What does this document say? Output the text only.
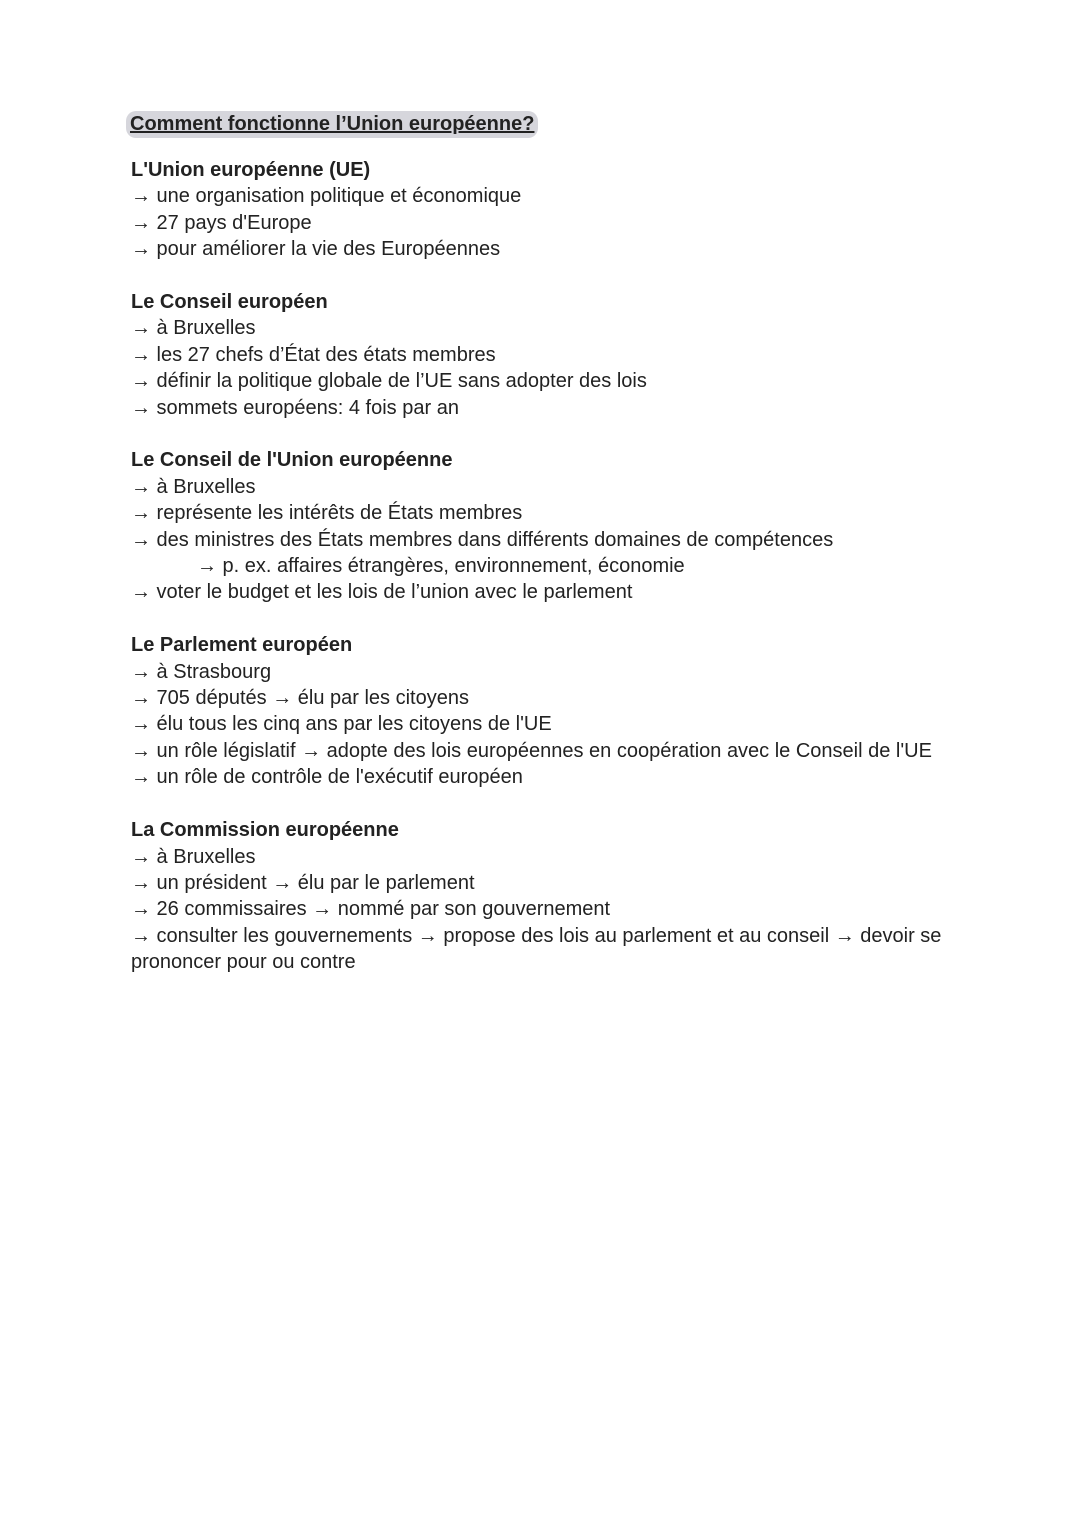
Comment fonctionne l’Union européenne?

L'Union européenne (UE)

→ une organisation politique et économique

→ 27 pays d'Europe

→ pour améliorer la vie des Européennes

Le Conseil européen

→ à Bruxelles

→ les 27 chefs d’État des états membres

→ définir la politique globale de l’UE sans adopter des lois

→ sommets européens: 4 fois par an

Le Conseil de l'Union européenne

→ à Bruxelles

→ représente les intérêts de États membres

→ des ministres des États membres dans différents domaines de compétences

→ p. ex. affaires étrangères, environnement, économie

→ voter le budget et les lois de l’union avec le parlement

Le Parlement européen

→ à Strasbourg

→ 705 députés → élu par les citoyens

→ élu tous les cinq ans par les citoyens de l'UE

→ un rôle législatif → adopte des lois européennes en coopération avec le Conseil de l'UE

→ un rôle de contrôle de l'exécutif européen

La Commission européenne

→ à Bruxelles

→ un président → élu par le parlement

→ 26 commissaires → nommé par son gouvernement

→ consulter les gouvernements → propose des lois au parlement et au conseil → devoir se prononcer pour ou contre
